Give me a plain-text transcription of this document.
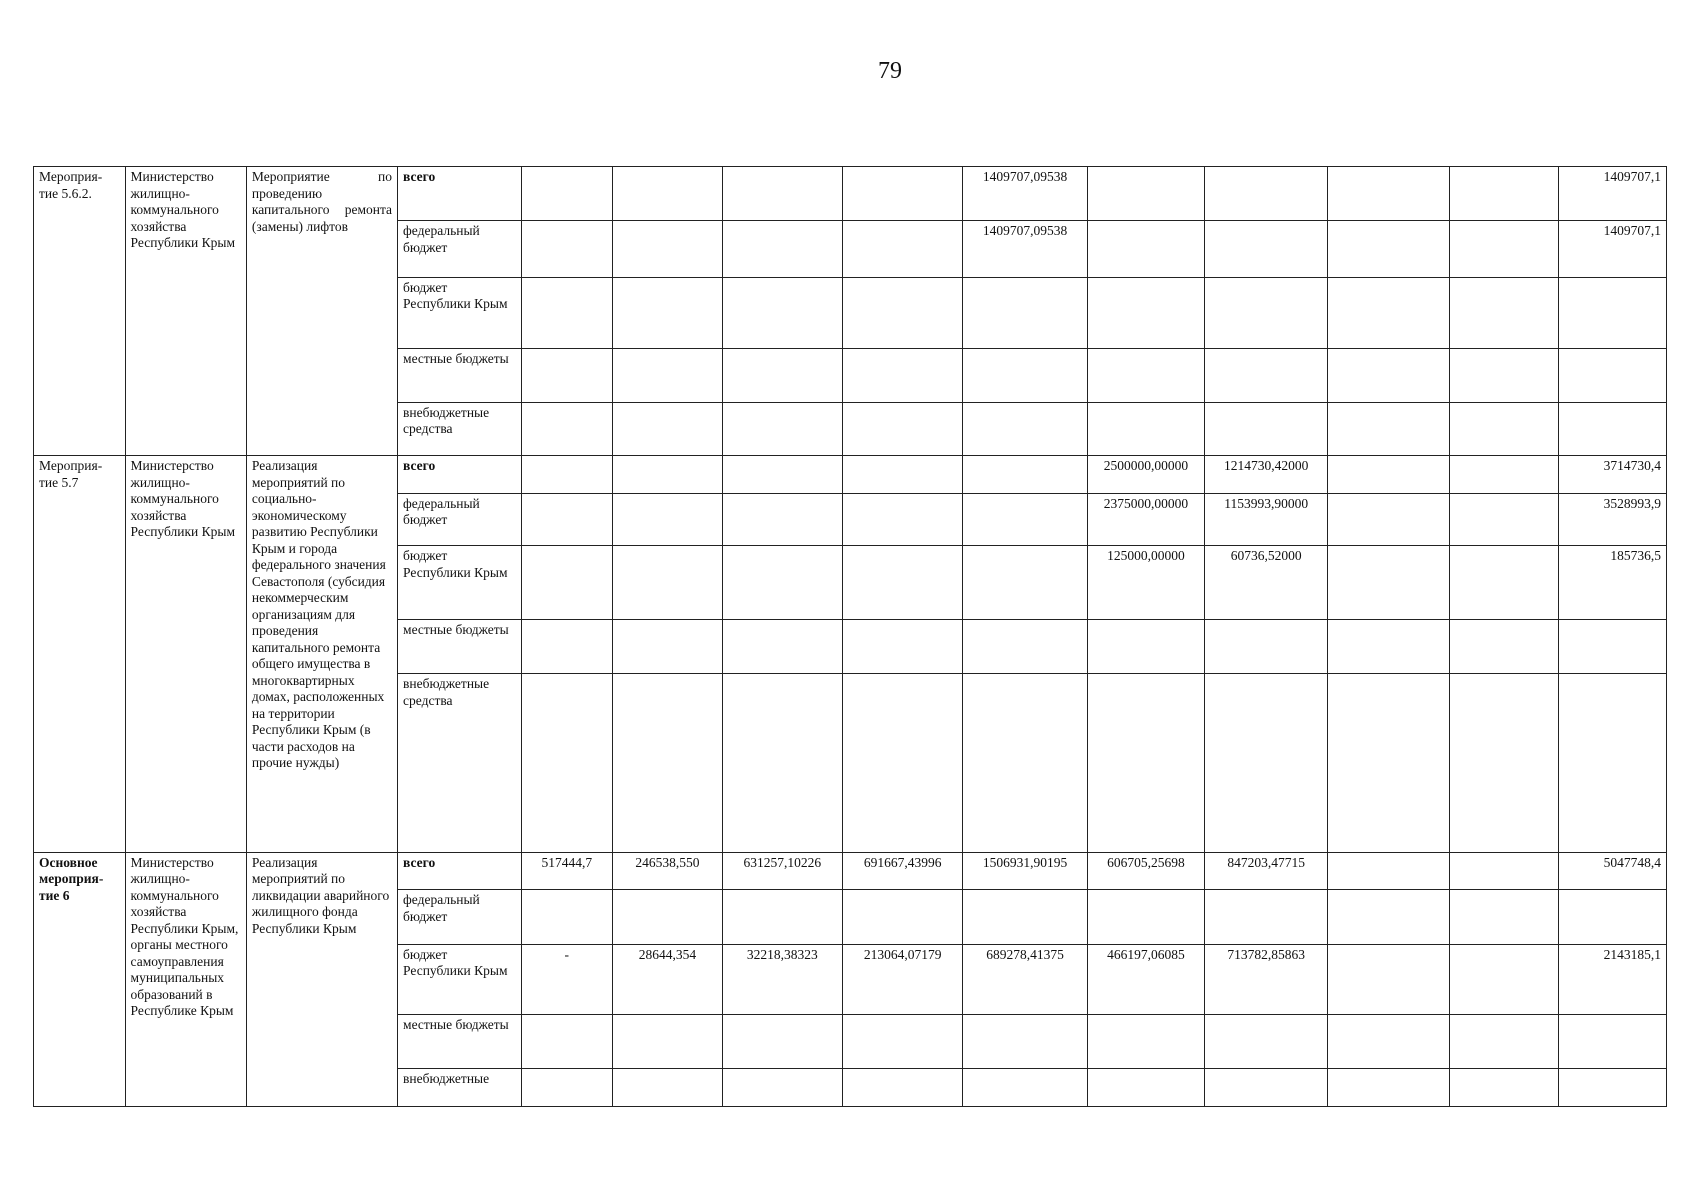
79
Мероприя-тие 5.6.2.	Министерство жилищно-коммунального хозяйства Республики Крым	Мероприятие по проведению капитального ремонта (замены) лифтов	всего					1409707,09538					1409707,1
			федеральный бюджет					1409707,09538					1409707,1
			бюджет Республики Крым										
			местные бюджеты										
			внебюджетные средства										
Мероприя-тие 5.7	Министерство жилищно-коммунального хозяйства Республики Крым	Реализация мероприятий по социально-экономическому развитию Республики Крым и города федерального значения Севастополя (субсидия некоммерческим организациям для проведения капитального ремонта общего имущества в многоквартирных домах, расположенных на территории Республики Крым (в части расходов на прочие нужды)	всего						2500000,00000	1214730,42000			3714730,4
			федеральный бюджет						2375000,00000	1153993,90000			3528993,9
			бюджет Республики Крым						125000,00000	60736,52000			185736,5
			местные бюджеты										
			внебюджетные средства										
Основное мероприя-тие 6	Министерство жилищно-коммунального хозяйства Республики Крым, органы местного самоуправления муниципальных образований в Республике Крым	Реализация мероприятий по ликвидации аварийного жилищного фонда Республики Крым	всего	517444,7	246538,550	631257,10226	691667,43996	1506931,90195	606705,25698	847203,47715			5047748,4
			федеральный бюджет										
			бюджет Республики Крым	-	28644,354	32218,38323	213064,07179	689278,41375	466197,06085	713782,85863			2143185,1
			местные бюджеты										
			внебюджетные										
